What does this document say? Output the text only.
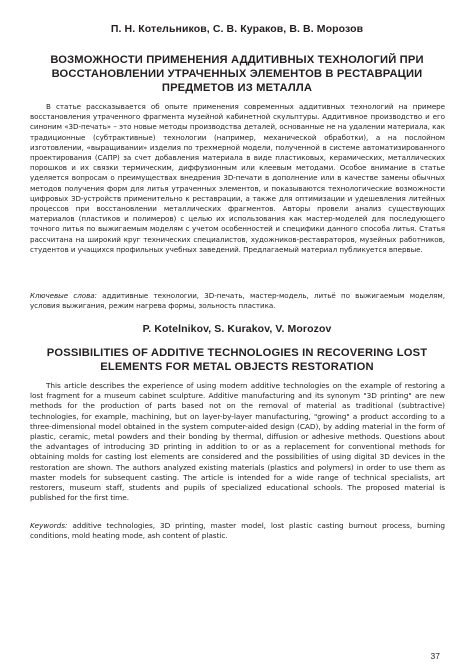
П. Н. Котельников, С. В. Кураков, В. В. Морозов
ВОЗМОЖНОСТИ ПРИМЕНЕНИЯ АДДИТИВНЫХ ТЕХНОЛОГИЙ ПРИ ВОССТАНОВЛЕНИИ УТРАЧЕННЫХ ЭЛЕМЕНТОВ В РЕСТАВРАЦИИ ПРЕДМЕТОВ ИЗ МЕТАЛЛА

В статье рассказывается об опыте применения современных аддитивных технологий на примере восстановления утраченного фрагмента музейной кабинетной скульптуры. Аддитивное производство и его синоним «3D-печать» – это новые методы производства деталей, основанные не на удалении материала, как традиционные (субтрактивные) технологии (например, механической обработки), а на послойном изготовлении, «выращивании» изделия по трехмерной модели, полученной в системе автоматизированного проектирования (САПР) за счет добавления материала в виде пластиковых, керамических, металлических порошков и их связки термическим, диффузионным или клеевым методами. Особое внимание в статье уделяется вопросам о преимуществах внедрения 3D-печати в дополнение или в качестве замены обычных методов получения форм для литья утраченных элементов, и показываются технологические возможности цифровых 3D-устройств применительно к реставрации, а также для оптимизации и удешевления литейных процессов при восстановлении металлических фрагментов. Авторы провели анализ существующих материалов (пластиков и полимеров) с целью их использования как мастер-моделей для последующего точного литья по выжигаемым моделям с учетом особенностей и специфики данного способа литья. Статья рассчитана на широкий круг технических специалистов, художников-реставраторов, музейных работников, студентов и учащихся профильных учебных заведений. Предлагаемый материал публикуется впервые.

Ключевые слова: аддитивные технологии, 3D-печать, мастер-модель, литьё по выжигаемым моделям, условия выжигания, режим нагрева формы, зольность пластика.

P. Kotelnikov, S. Kurakov, V. Morozov
POSSIBILITIES OF ADDITIVE TECHNOLOGIES IN RECOVERING LOST ELEMENTS FOR METAL OBJECTS RESTORATION

This article describes the experience of using modern additive technologies on the example of restoring a lost fragment for a museum cabinet sculpture. Additive manufacturing and its synonym "3D printing" are new methods for the production of parts based not on the removal of material as traditional (subtractive) technologies, for example, machining, but on layer-by-layer manufacturing, "growing" a product according to a three-dimensional model obtained in the system computer-aided design (CAD), by adding material in the form of plastic, ceramic, metal powders and their bonding by thermal, diffusion or adhesive methods. Questions about the advantages of introducing 3D printing in addition to or as a replacement for conventional methods for obtaining molds for casting lost elements are considered and the possibilities of using digital 3D devices in the restoration are shown. The authors analyzed existing materials (plastics and polymers) in order to use them as master models for subsequent casting. The article is intended for a wide range of technical specialists, art restorers, museum staff, students and pupils of specialized educational schools. The proposed material is published for the first time.

Keywords: additive technologies, 3D printing, master model, lost plastic casting burnout process, burning conditions, mold heating mode, ash content of plastic.

37
